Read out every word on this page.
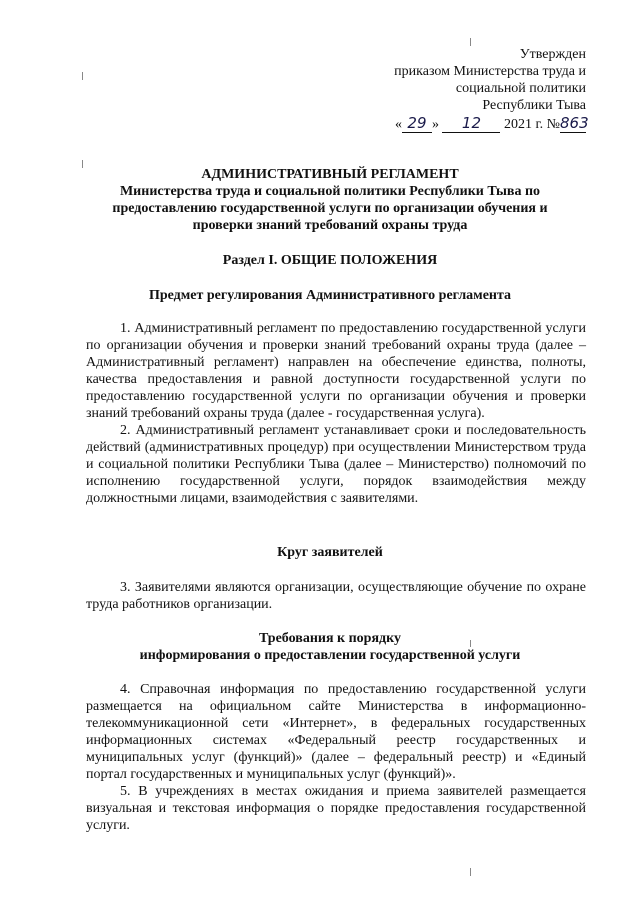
Утвержден
приказом Министерства труда и
социальной политики
Республики Тыва
« 29 » 12 2021 г. №863
АДМИНИСТРАТИВНЫЙ РЕГЛАМЕНТ
Министерства труда и социальной политики Республики Тыва по
предоставлению государственной услуги по организации обучения и
проверки знаний требований охраны труда
Раздел I. ОБЩИЕ ПОЛОЖЕНИЯ
Предмет регулирования Административного регламента

1. Административный регламент по предоставлению государственной услуги по организации обучения и проверки знаний требований охраны труда (далее – Административный регламент) направлен на обеспечение единства, полноты, качества предоставления и равной доступности государственной услуги по предоставлению государственной услуги по организации обучения и проверки знаний требований охраны труда (далее - государственная услуга).

2. Административный регламент устанавливает сроки и последовательность действий (административных процедур) при осуществлении Министерством труда и социальной политики Республики Тыва (далее – Министерство) полномочий по исполнению государственной услуги, порядок взаимодействия между должностными лицами, взаимодействия с заявителями.

Круг заявителей

3. Заявителями являются организации, осуществляющие обучение по охране труда работников организации.

Требования к порядку
информирования о предоставлении государственной услуги

4. Справочная информация по предоставлению государственной услуги размещается на официальном сайте Министерства в информационно-телекоммуникационной сети «Интернет», в федеральных государственных информационных системах «Федеральный реестр государственных и муниципальных услуг (функций)» (далее – федеральный реестр) и «Единый портал государственных и муниципальных услуг (функций)».

5. В учреждениях в местах ожидания и приема заявителей размещается визуальная и текстовая информация о порядке предоставления государственной услуги.
